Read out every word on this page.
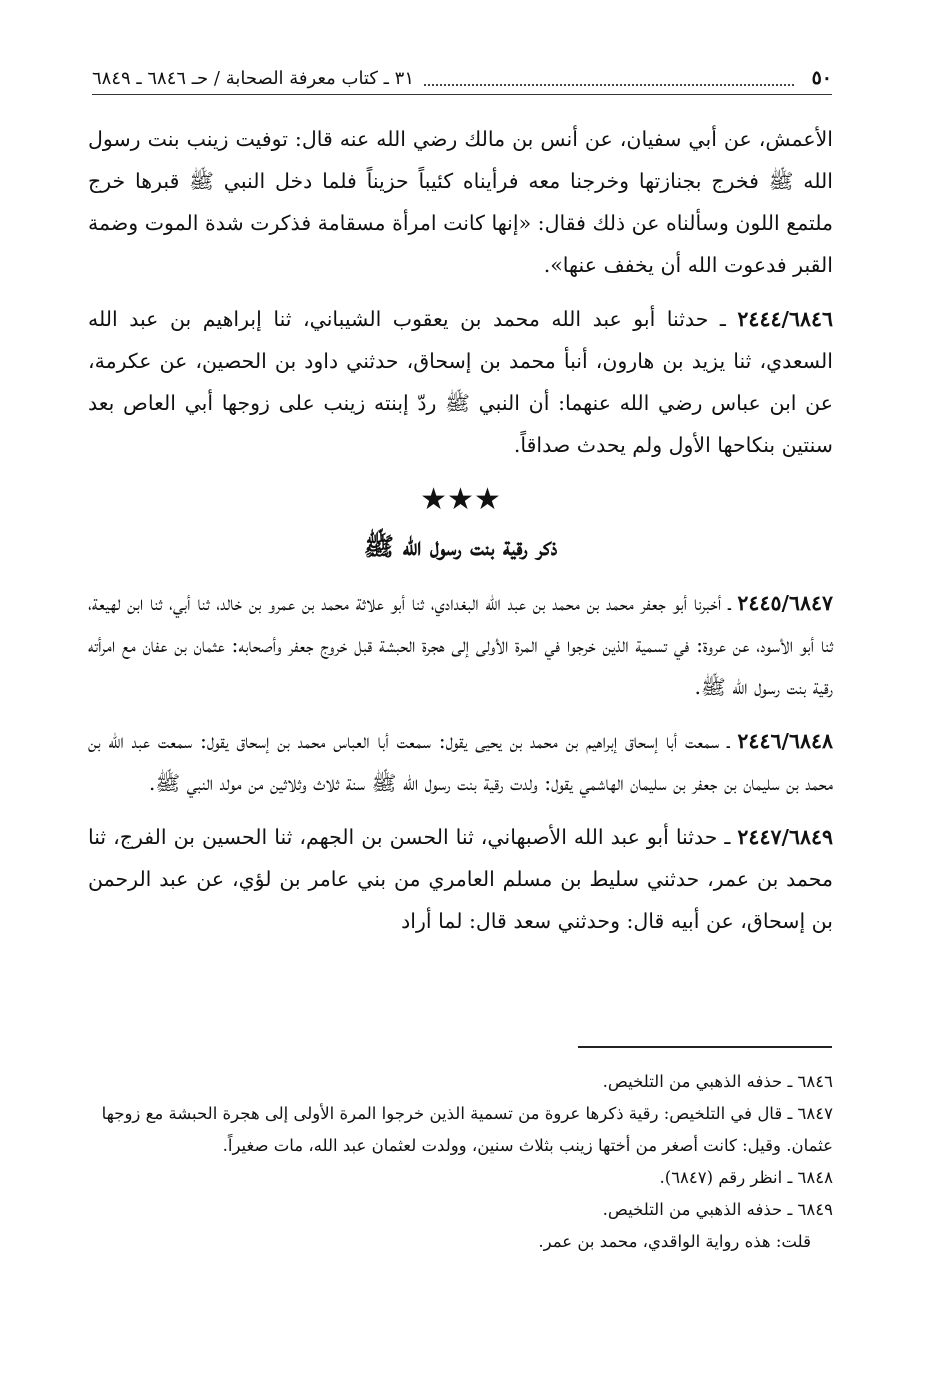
٥٠
٣١ ـ كتاب معرفة الصحابة / حـ ٦٨٤٦ ـ ٦٨٤٩

الأعمش، عن أبي سفيان، عن أنس بن مالك رضي الله عنه قال: توفيت زينب بنت رسول الله ﷺ فخرج بجنازتها وخرجنا معه فرأيناه كئيباً حزيناً فلما دخل النبي ﷺ قبرها خرج ملتمع اللون وسألناه عن ذلك فقال: «إنها كانت امرأة مسقامة فذكرت شدة الموت وضمة القبر فدعوت الله أن يخفف عنها».

٢٤٤٤/٦٨٤٦ ـ حدثنا أبو عبد الله محمد بن يعقوب الشيباني، ثنا إبراهيم بن عبد الله السعدي، ثنا يزيد بن هارون، أنبأ محمد بن إسحاق، حدثني داود بن الحصين، عن عكرمة، عن ابن عباس رضي الله عنهما: أن النبي ﷺ ردّ إبنته زينب على زوجها أبي العاص بعد سنتين بنكاحها الأول ولم يحدث صداقاً.

★★★

ذكر رقية بنت رسول الله ﷺ

٢٤٤٥/٦٨٤٧ ـ أخبرنا أبو جعفر محمد بن محمد بن عبد الله البغدادي، ثنا أبو علاثة محمد بن عمرو بن خالد، ثنا أبي، ثنا ابن لهيعة، ثنا أبو الأسود، عن عروة: في تسمية الذين خرجوا في المرة الأولى إلى هجرة الحبشة قبل خروج جعفر وأصحابه: عثمان بن عفان مع امرأته رقية بنت رسول الله ﷺ.

٢٤٤٦/٦٨٤٨ ـ سمعت أبا إسحاق إبراهيم بن محمد بن يحيى يقول: سمعت أبا العباس محمد بن إسحاق يقول: سمعت عبد الله بن محمد بن سليمان بن جعفر بن سليمان الهاشمي يقول: ولدت رقية بنت رسول الله ﷺ سنة ثلاث وثلاثين من مولد النبي ﷺ.

٢٤٤٧/٦٨٤٩ ـ حدثنا أبو عبد الله الأصبهاني، ثنا الحسن بن الجهم، ثنا الحسين بن الفرج، ثنا محمد بن عمر، حدثني سليط بن مسلم العامري من بني عامر بن لؤي، عن عبد الرحمن بن إسحاق، عن أبيه قال: وحدثني سعد قال: لما أراد

٦٨٤٦ ـ حذفه الذهبي من التلخيص.

٦٨٤٧ ـ قال في التلخيص: رقية ذكرها عروة من تسمية الذين خرجوا المرة الأولى إلى هجرة الحبشة مع زوجها عثمان. وقيل: كانت أصغر من أختها زينب بثلاث سنين، وولدت لعثمان عبد الله، مات صغيراً.

٦٨٤٨ ـ انظر رقم (٦٨٤٧).

٦٨٤٩ ـ حذفه الذهبي من التلخيص.

قلت: هذه رواية الواقدي، محمد بن عمر.
